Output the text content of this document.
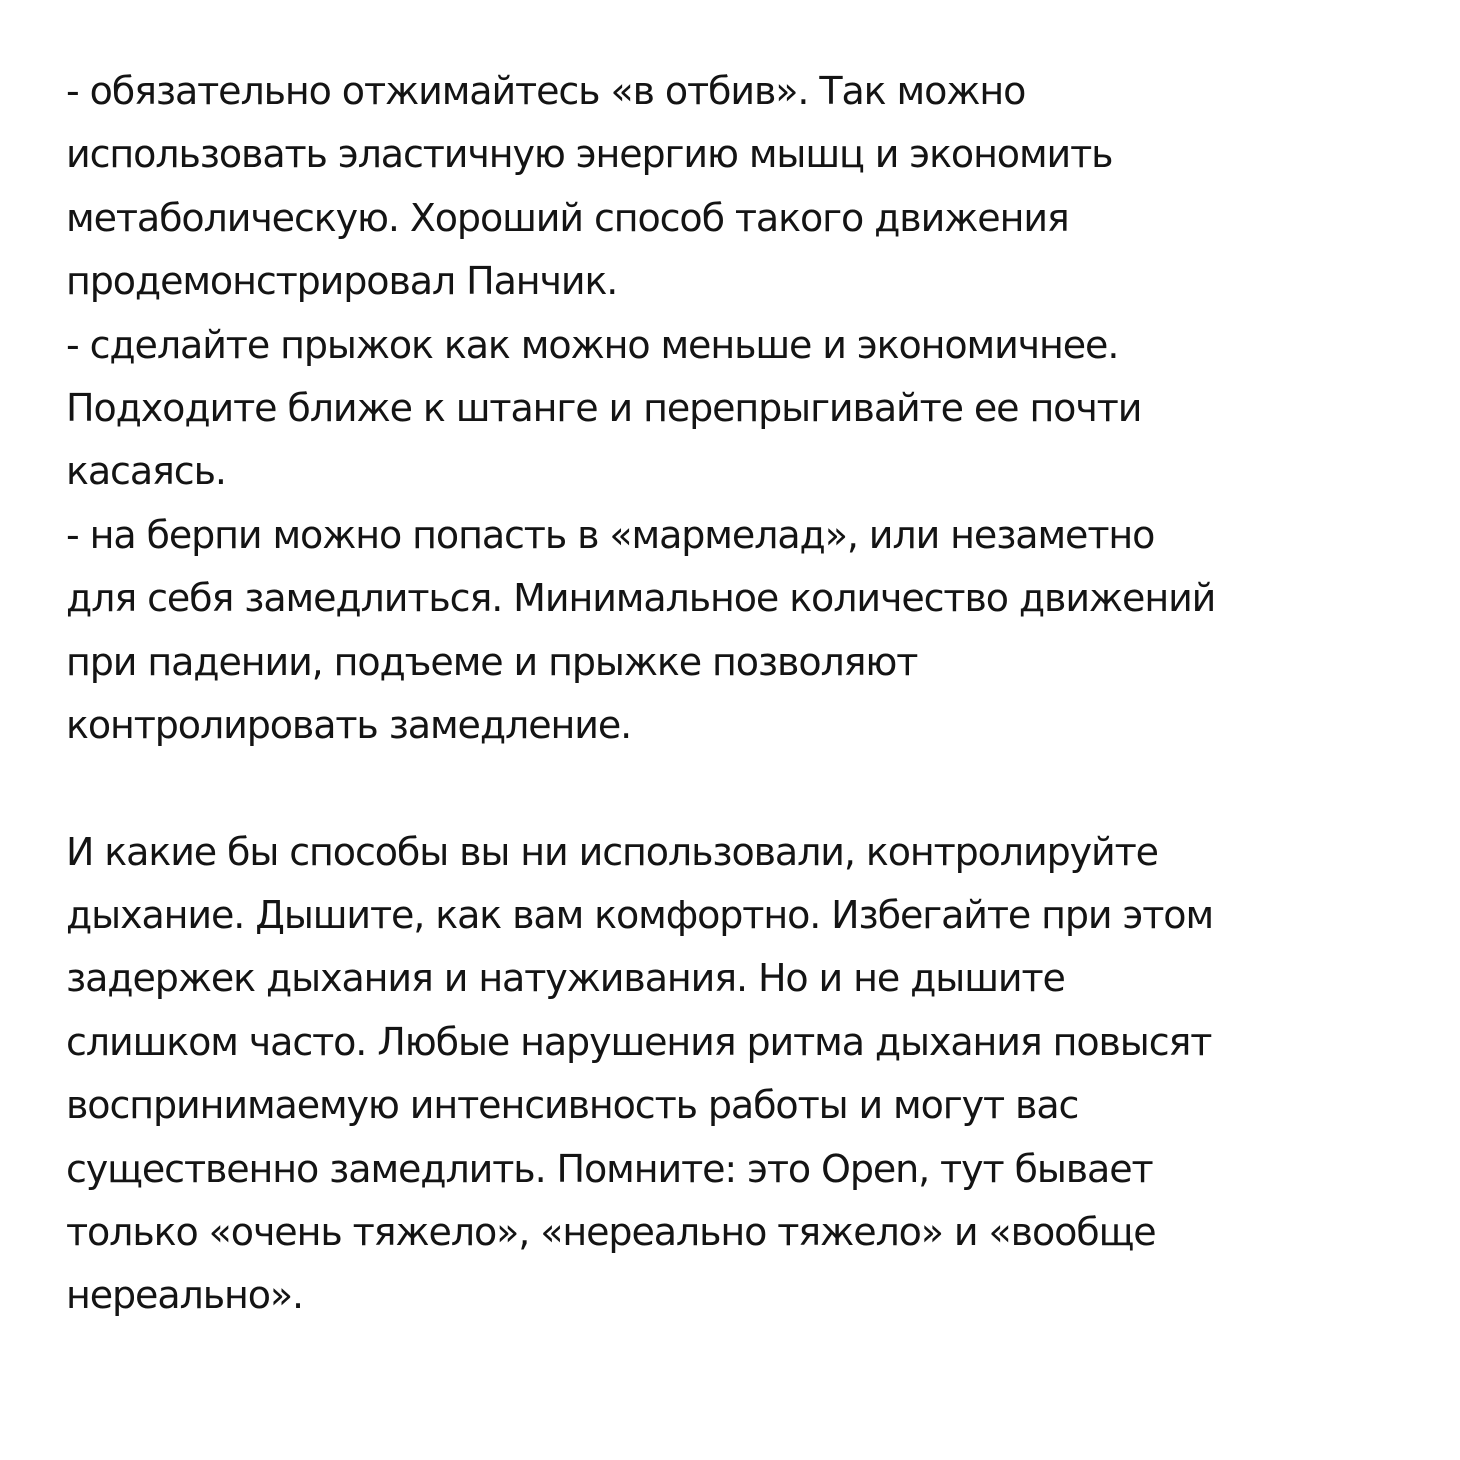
- обязательно отжимайтесь «в отбив». Так можно
использовать эластичную энергию мышц и экономить
метаболическую. Хороший способ такого движения
продемонстрировал Панчик.
- сделайте прыжок как можно меньше и экономичнее.
Подходите ближе к штанге и перепрыгивайте ее почти
касаясь.
- на берпи можно попасть в «мармелад», или незаметно
для себя замедлиться. Минимальное количество движений
при падении, подъеме и прыжке позволяют
контролировать замедление.
И какие бы способы вы ни использовали, контролируйте
дыхание. Дышите, как вам комфортно. Избегайте при этом
задержек дыхания и натуживания. Но и не дышите
слишком часто. Любые нарушения ритма дыхания повысят
воспринимаемую интенсивность работы и могут вас
существенно замедлить. Помните: это Open, тут бывает
только «очень тяжело», «нереально тяжело» и «вообще
нереально».
